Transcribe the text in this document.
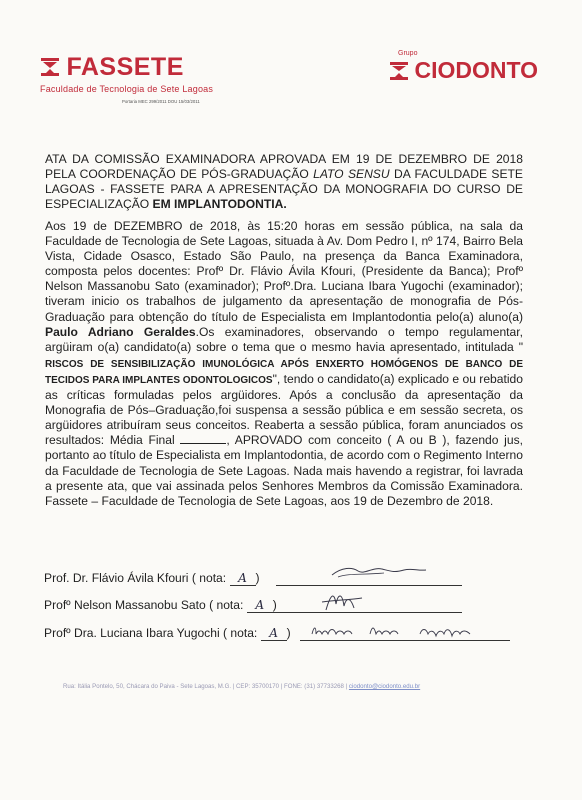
FASSETE
Faculdade de Tecnologia de Sete Lagoas
Portaria MEC 299/2011 DOU 15/03/2011
Grupo
CIODONTO
ATA DA COMISSÃO EXAMINADORA APROVADA EM 19 DE DEZEMBRO DE 2018 PELA COORDENAÇÃO DE PÓS-GRADUAÇÃO LATO SENSU DA FACULDADE SETE LAGOAS - FASSETE PARA A APRESENTAÇÃO DA MONOGRAFIA DO CURSO DE ESPECIALIZAÇÃO EM IMPLANTODONTIA.
Aos 19 de DEZEMBRO de 2018, às 15:20 horas em sessão pública, na sala da Faculdade de Tecnologia de Sete Lagoas, situada à Av. Dom Pedro I, nº 174, Bairro Bela Vista, Cidade Osasco, Estado São Paulo, na presença da Banca Examinadora, composta pelos docentes: Profº Dr. Flávio Ávila Kfouri, (Presidente da Banca); Profº Nelson Massanobu Sato (examinador); Profº.Dra. Luciana Ibara Yugochi (examinador); tiveram inicio os trabalhos de julgamento da apresentação de monografia de Pós-Graduação para obtenção do título de Especialista em Implantodontia pelo(a) aluno(a) Paulo Adriano Geraldes.Os examinadores, observando o tempo regulamentar, argüiram o(a) candidato(a) sobre o tema que o mesmo havia apresentado, intitulada " RISCOS DE SENSIBILIZAÇÃO IMUNOLÓGICA APÓS ENXERTO HOMÓGENOS DE BANCO DE TECIDOS PARA IMPLANTES ODONTOLOGICOS", tendo o candidato(a) explicado e ou rebatido as críticas formuladas pelos argüidores. Após a conclusão da apresentação da Monografia de Pós–Graduação,foi suspensa a sessão pública e em sessão secreta, os argüidores atribuíram seus conceitos. Reaberta a sessão pública, foram anunciados os resultados: Média Final	, APROVADO com conceito ( A ou B ), fazendo jus, portanto ao título de Especialista em Implantodontia, de acordo com o Regimento Interno da Faculdade de Tecnologia de Sete Lagoas. Nada mais havendo a registrar, foi lavrada a presente ata, que vai assinada pelos Senhores Membros da Comissão Examinadora. Fassete – Faculdade de Tecnologia de Sete Lagoas, aos 19 de Dezembro de 2018.
Prof. Dr. Flávio Ávila Kfouri ( nota: A )
Profº Nelson Massanobu Sato ( nota: A )
Profº Dra. Luciana Ibara Yugochi ( nota: A )
Rua: Itália Pontelo, 50, Chácara do Paiva - Sete Lagoas, M.G. | CEP: 35700170 | FONE: (31) 37733268 | ciodonto@ciodonto.edu.br
